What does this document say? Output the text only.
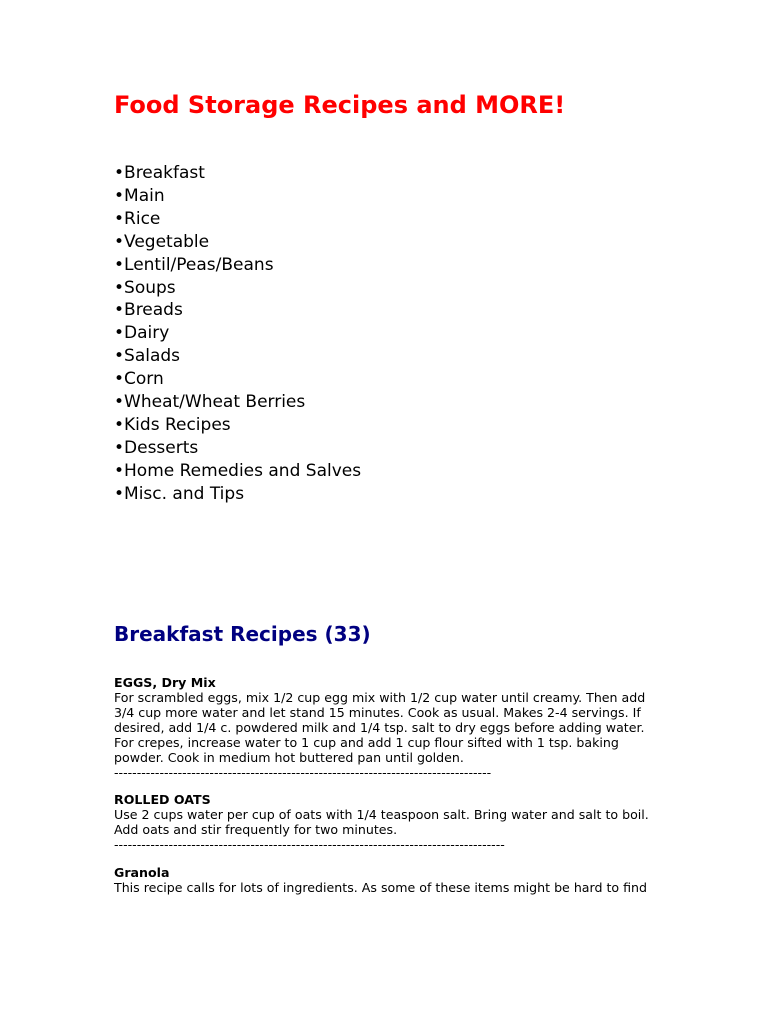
Food Storage Recipes and MORE!
•Breakfast
•Main
•Rice
•Vegetable
•Lentil/Peas/Beans
•Soups
•Breads
•Dairy
•Salads
•Corn
•Wheat/Wheat Berries
•Kids Recipes
•Desserts
•Home Remedies and Salves
•Misc. and Tips
Breakfast Recipes (33)
EGGS, Dry Mix
For scrambled eggs, mix 1/2 cup egg mix with 1/2 cup water until creamy. Then add
3/4 cup more water and let stand 15 minutes. Cook as usual. Makes 2-4 servings. If
desired, add 1/4 c. powdered milk and 1/4 tsp. salt to dry eggs before adding water.
For crepes, increase water to 1 cup and add 1 cup flour sifted with 1 tsp. baking
powder. Cook in medium hot buttered pan until golden.
-----------------------------------------------------------------------------------
ROLLED OATS
Use 2 cups water per cup of oats with 1/4 teaspoon salt. Bring water and salt to boil.
Add oats and stir frequently for two minutes.
--------------------------------------------------------------------------------------
Granola
This recipe calls for lots of ingredients. As some of these items might be hard to find
